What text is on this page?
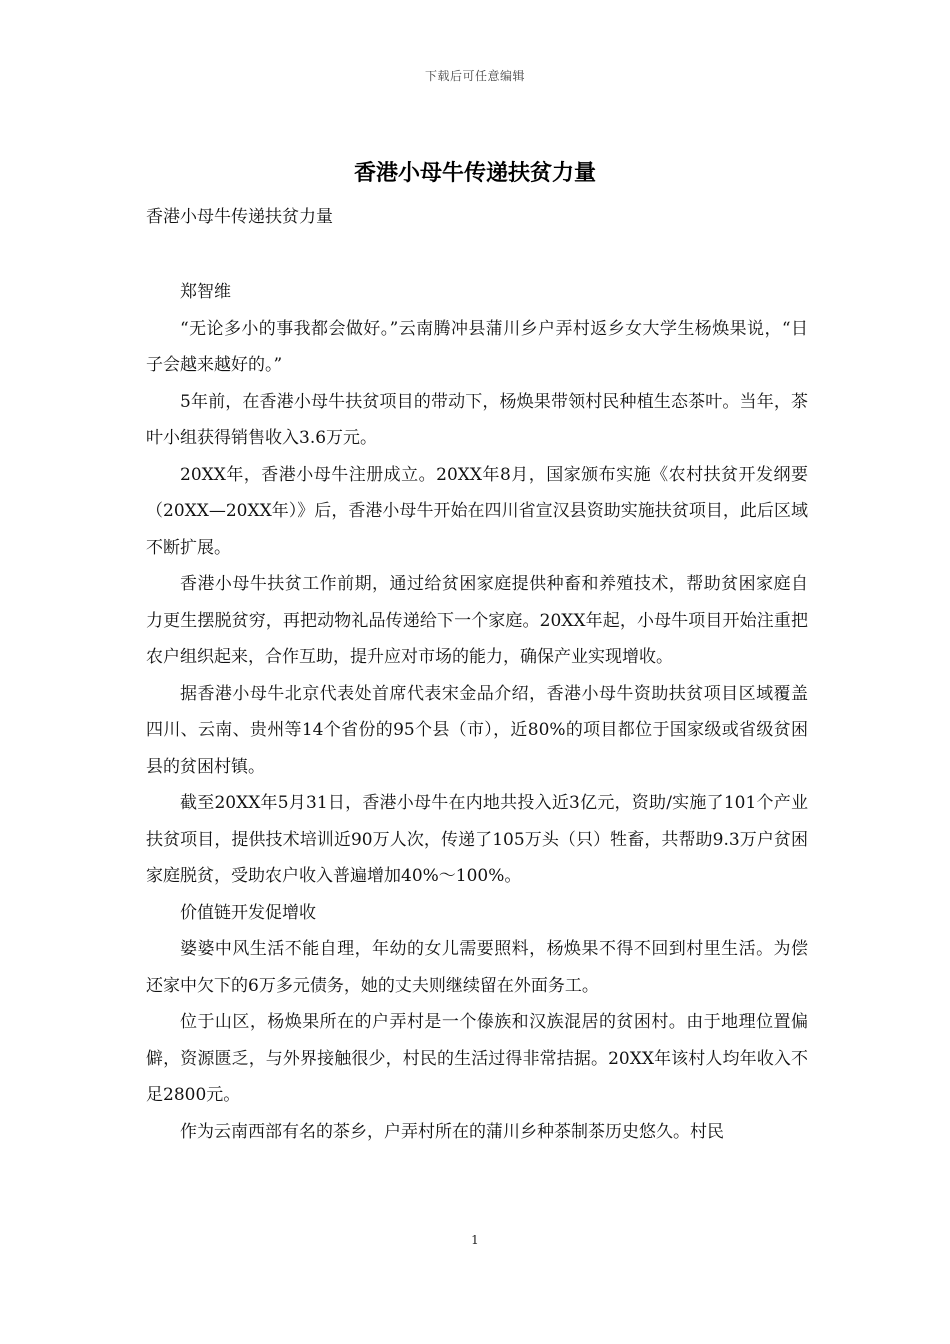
下载后可任意编辑
香港小母牛传递扶贫力量
香港小母牛传递扶贫力量

郑智维

“无论多小的事我都会做好。”云南腾冲县蒲川乡户弄村返乡女大学生杨焕果说，“日子会越来越好的。”

5年前，在香港小母牛扶贫项目的带动下，杨焕果带领村民种植生态茶叶。当年，茶叶小组获得销售收入3.6万元。

20XX年，香港小母牛注册成立。20XX年8月，国家颁布实施《农村扶贫开发纲要（20XX—20XX年）》后，香港小母牛开始在四川省宣汉县资助实施扶贫项目，此后区域不断扩展。

香港小母牛扶贫工作前期，通过给贫困家庭提供种畜和养殖技术，帮助贫困家庭自力更生摆脱贫穷，再把动物礼品传递给下一个家庭。20XX年起，小母牛项目开始注重把农户组织起来，合作互助，提升应对市场的能力，确保产业实现增收。

据香港小母牛北京代表处首席代表宋金品介绍，香港小母牛资助扶贫项目区域覆盖四川、云南、贵州等14个省份的95个县（市），近80%的项目都位于国家级或省级贫困县的贫困村镇。

截至20XX年5月31日，香港小母牛在内地共投入近3亿元，资助/实施了101个产业扶贫项目，提供技术培训近90万人次，传递了105万头（只）牲畜，共帮助9.3万户贫困家庭脱贫，受助农户收入普遍增加40%～100%。

价值链开发促增收

婆婆中风生活不能自理，年幼的女儿需要照料，杨焕果不得不回到村里生活。为偿还家中欠下的6万多元债务，她的丈夫则继续留在外面务工。

位于山区，杨焕果所在的户弄村是一个傣族和汉族混居的贫困村。由于地理位置偏僻，资源匮乏，与外界接触很少，村民的生活过得非常拮据。20XX年该村人均年收入不足2800元。

作为云南西部有名的茶乡，户弄村所在的蒲川乡种茶制茶历史悠久。村民

1
